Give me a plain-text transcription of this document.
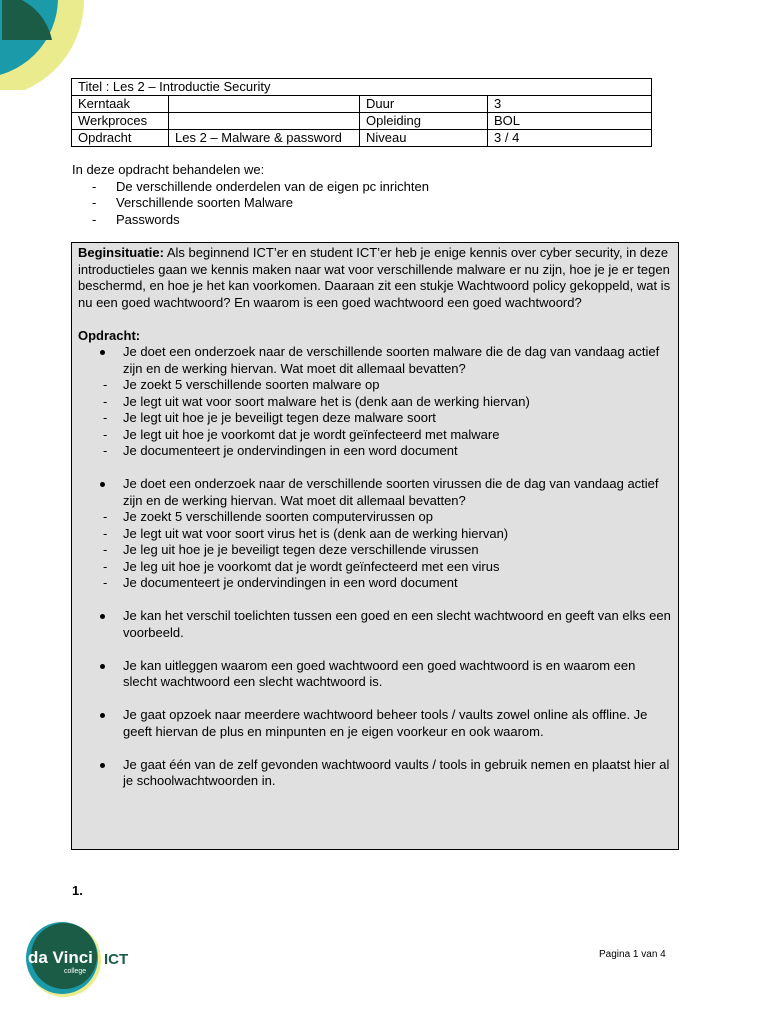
Titel : Les 2 – Introductie Security			
Kerntaak		Duur	3
Werkproces		Opleiding	BOL
Opdracht	Les 2 – Malware & password	Niveau	3 / 4
In deze opdracht behandelen we:
- De verschillende onderdelen van de eigen pc inrichten
- Verschillende soorten Malware
- Passwords

Beginsituatie: Als beginnend ICT’er en student ICT’er heb je enige kennis over cyber security, in deze introductieles gaan we kennis maken naar wat voor verschillende malware er nu zijn, hoe je je er tegen beschermd, en hoe je het kan voorkomen. Daaraan zit een stukje Wachtwoord policy gekoppeld, wat is nu een goed wachtwoord? En waarom is een goed wachtwoord een goed wachtwoord?

Opdracht:

Je doet een onderzoek naar de verschillende soorten malware die de dag van vandaag actief zijn en de werking hiervan. Wat moet dit allemaal bevatten?
- Je zoekt 5 verschillende soorten malware op
- Je legt uit wat voor soort malware het is (denk aan de werking hiervan)
- Je legt uit hoe je je beveiligt tegen deze malware soort
- Je legt uit hoe je voorkomt dat je wordt geïnfecteerd met malware
- Je documenteert je ondervindingen in een word document
Je doet een onderzoek naar de verschillende soorten virussen die de dag van vandaag actief zijn en de werking hiervan. Wat moet dit allemaal bevatten?
- Je zoekt 5 verschillende soorten computervirussen op
- Je legt uit wat voor soort virus het is (denk aan de werking hiervan)
- Je leg uit hoe je je beveiligt tegen deze verschillende virussen
- Je leg uit hoe je voorkomt dat je wordt geïnfecteerd met een virus
- Je documenteert je ondervindingen in een word document
Je kan het verschil toelichten tussen een goed en een slecht wachtwoord en geeft van elks een voorbeeld.
Je kan uitleggen waarom een goed wachtwoord een goed wachtwoord is en waarom een slecht wachtwoord een slecht wachtwoord is.
Je gaat opzoek naar meerdere wachtwoord beheer tools / vaults zowel online als offline. Je geeft hiervan de plus en minpunten en je eigen voorkeur en ook waarom.
Je gaat één van de zelf gevonden wachtwoord vaults / tools in gebruik nemen en plaatst hier al je schoolwachtwoorden in.
1.
da Vinci
college
ICT	Pagina 1 van 4
